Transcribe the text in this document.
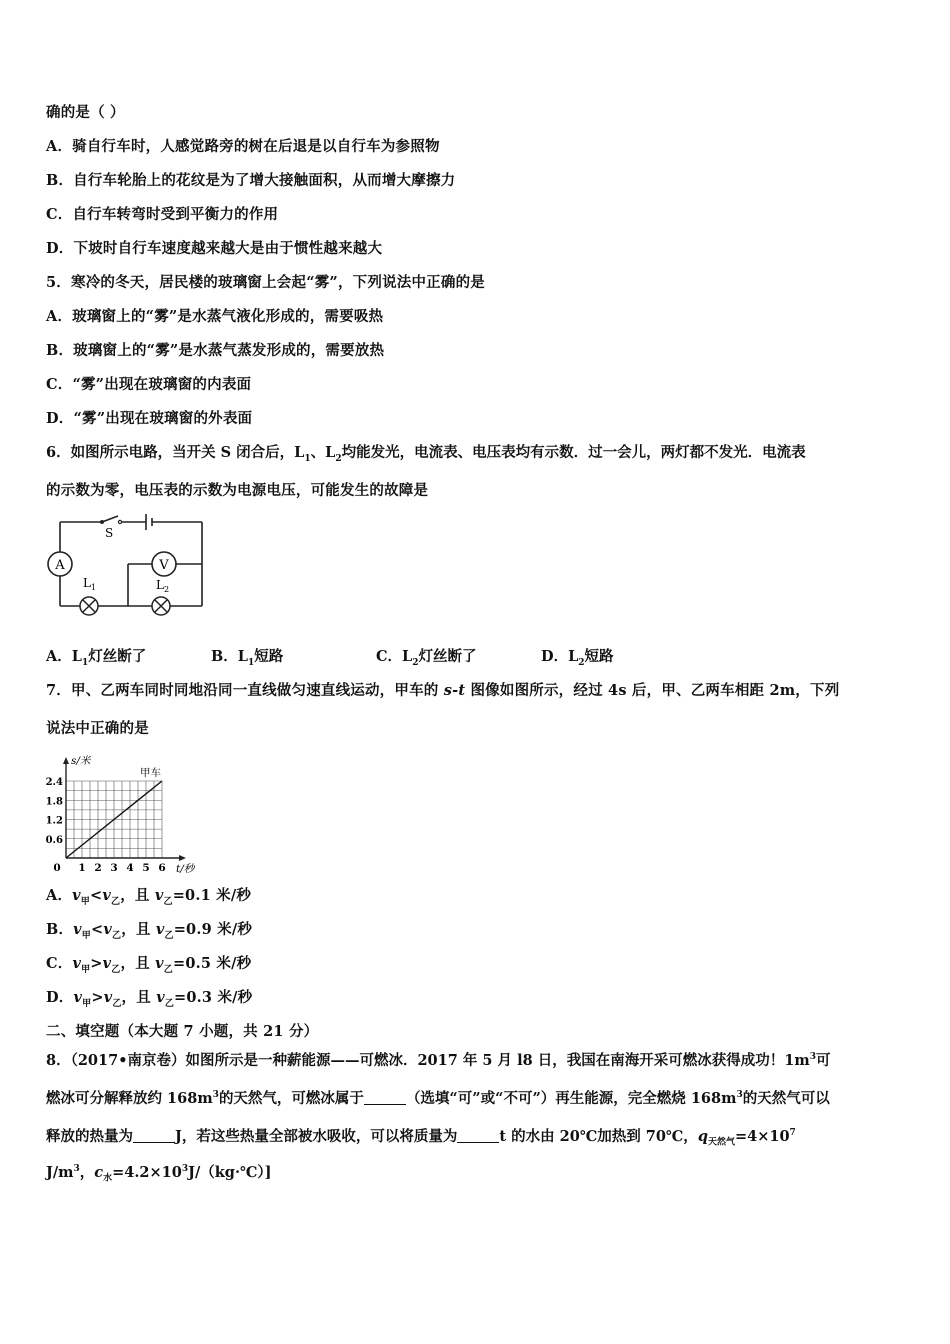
确的是（ ）
A．骑自行车时，人感觉路旁的树在后退是以自行车为参照物
B．自行车轮胎上的花纹是为了增大接触面积，从而增大摩擦力
C．自行车转弯时受到平衡力的作用
D．下坡时自行车速度越来越大是由于惯性越来越大
5．寒冷的冬天，居民楼的玻璃窗上会起“雾”，下列说法中正确的是
A．玻璃窗上的“雾”是水蒸气液化形成的，需要吸热
B．玻璃窗上的“雾”是水蒸气蒸发形成的，需要放热
C．“雾”出现在玻璃窗的内表面
D．“雾”出现在玻璃窗的外表面
6．如图所示电路，当开关 S 闭合后，$L_1$、$L_2$均能发光，电流表、电压表均有示数．过一会儿，两灯都不发光．电流表
的示数为零，电压表的示数为电源电压，可能发生的故障是
S
A	V
$L_1$	$L_2$
A．$L_1$灯丝断了	B．$L_1$短路	C．$L_2$灯丝断了	D．$L_2$短路
7．甲、乙两车同时同地沿同一直线做匀速直线运动，甲车的 s-t 图像如图所示，经过 4s 后，甲、乙两车相距 2m，下列
说法中正确的是
0 1 2 3 4 5 6
0.6
1.2
1.8
2.4
s/米
t/秒
甲车
A．$v_甲<v_乙$，且 $v_乙=0.1$ 米/秒
B．$v_甲<v_乙$，且 $v_乙=0.9$ 米/秒
C．$v_甲>v_乙$，且 $v_乙=0.5$ 米/秒
D．$v_甲>v_乙$，且 $v_乙=0.3$ 米/秒
二、填空题（本大题 7 小题，共 21 分）
8．（2017•南京卷）如图所示是一种薪能源——可燃冰．2017 年 5 月 l8 日，我国在南海开采可燃冰获得成功！$1m^3$可
燃冰可分解释放约 $168m^3$的天然气，可燃冰属于	（选填“可”或“不可”）再生能源，完全燃烧 $168m^3$的天然气可以
释放的热量为	J，若这些热量全部被水吸收，可以将质量为	t 的水由 20℃加热到 70℃，$q_{天然气}=4\times 10^7$
$J/m^3$，$c_水=4.2\times 10^3J/(kg\cdot℃)$]
